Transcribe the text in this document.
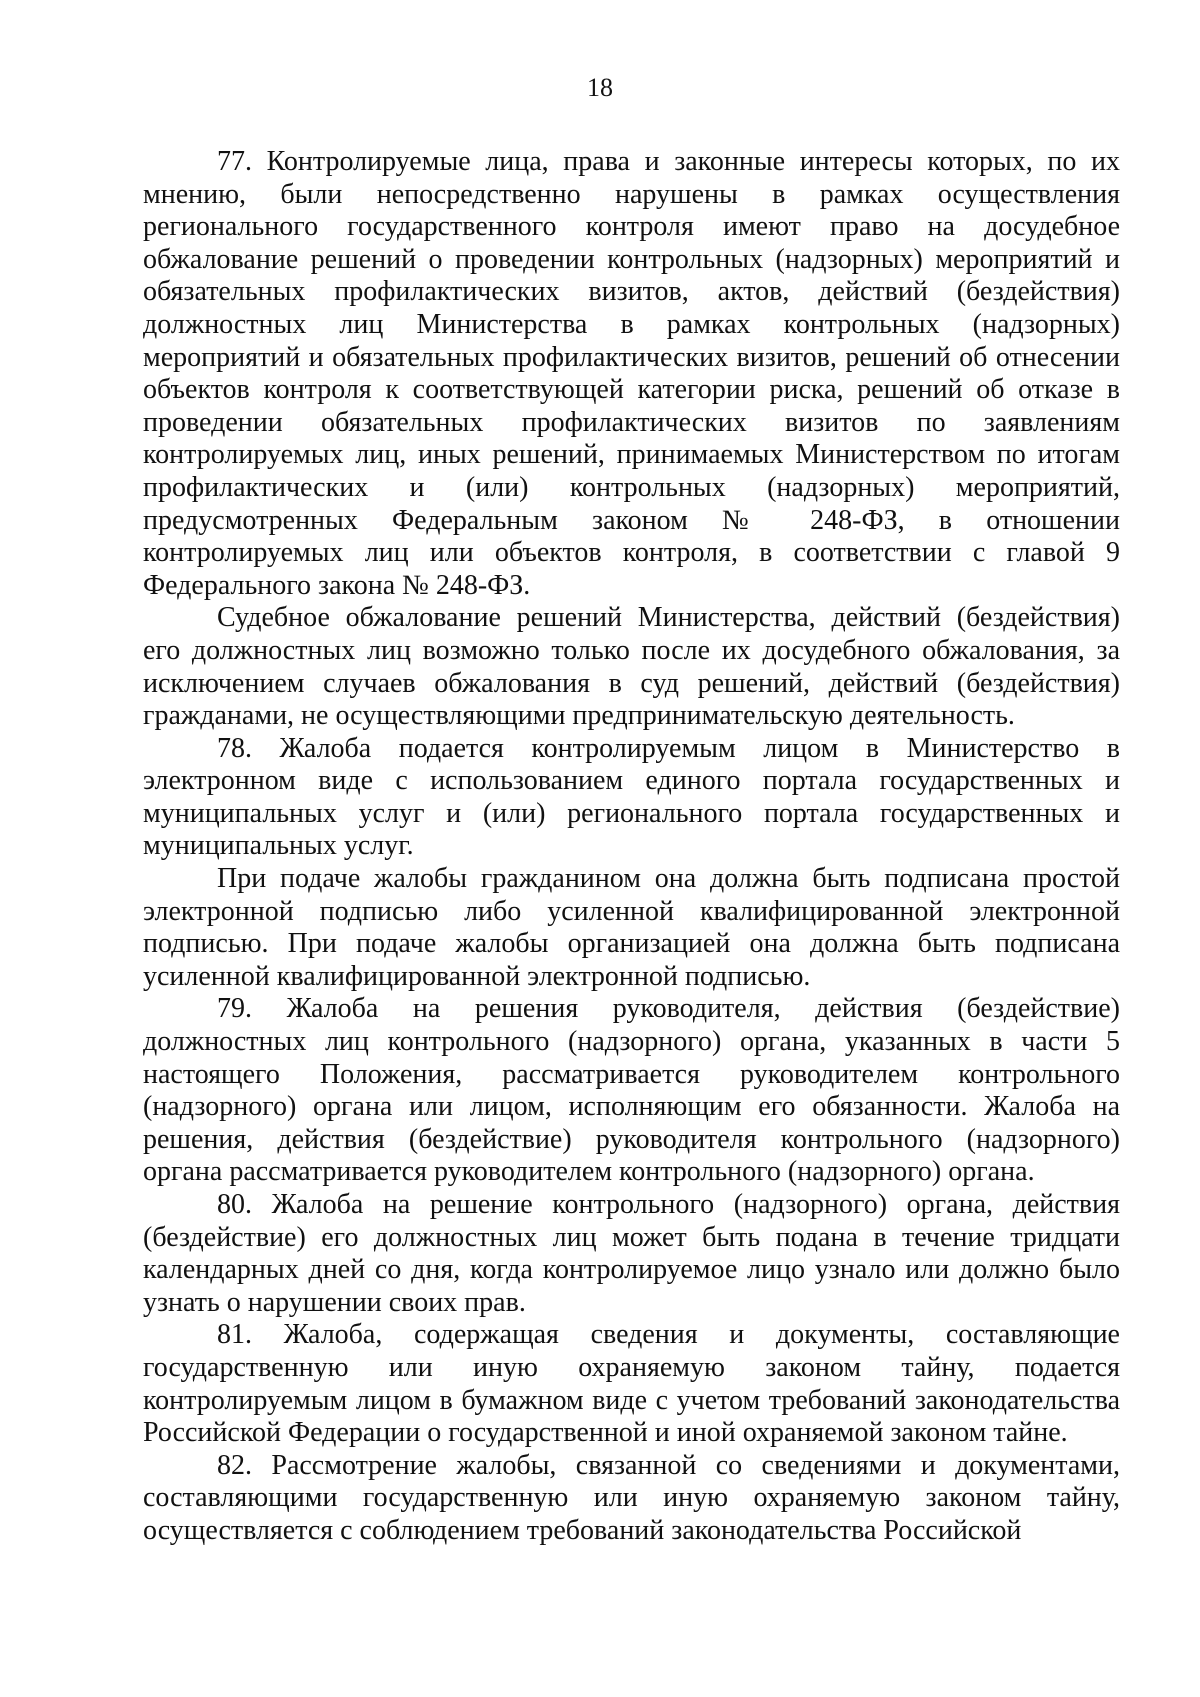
18

77. Контролируемые лица, права и законные интересы которых, по их мнению, были непосредственно нарушены в рамках осуществления регионального государственного контроля имеют право на досудебное обжалование решений о проведении контрольных (надзорных) мероприятий и обязательных профилактических визитов, актов, действий (бездействия) должностных лиц Министерства в рамках контрольных (надзорных) мероприятий и обязательных профилактических визитов, решений об отнесении объектов контроля к соответствующей категории риска, решений об отказе в проведении обязательных профилактических визитов по заявлениям контролируемых лиц, иных решений, принимаемых Министерством по итогам профилактических и (или) контрольных (надзорных) мероприятий, предусмотренных Федеральным законом № 248-ФЗ, в отношении контролируемых лиц или объектов контроля, в соответствии с главой 9 Федерального закона № 248-ФЗ.

Судебное обжалование решений Министерства, действий (бездействия) его должностных лиц возможно только после их досудебного обжалования, за исключением случаев обжалования в суд решений, действий (бездействия) гражданами, не осуществляющими предпринимательскую деятельность.

78. Жалоба подается контролируемым лицом в Министерство в электронном виде с использованием единого портала государственных и муниципальных услуг и (или) регионального портала государственных и муниципальных услуг.

При подаче жалобы гражданином она должна быть подписана простой электронной подписью либо усиленной квалифицированной электронной подписью. При подаче жалобы организацией она должна быть подписана усиленной квалифицированной электронной подписью.

79. Жалоба на решения руководителя, действия (бездействие) должностных лиц контрольного (надзорного) органа, указанных в части 5 настоящего Положения, рассматривается руководителем контрольного (надзорного) органа или лицом, исполняющим его обязанности. Жалоба на решения, действия (бездействие) руководителя контрольного (надзорного) органа рассматривается руководителем контрольного (надзорного) органа.

80. Жалоба на решение контрольного (надзорного) органа, действия (бездействие) его должностных лиц может быть подана в течение тридцати календарных дней со дня, когда контролируемое лицо узнало или должно было узнать о нарушении своих прав.

81. Жалоба, содержащая сведения и документы, составляющие государственную или иную охраняемую законом тайну, подается контролируемым лицом в бумажном виде с учетом требований законодательства Российской Федерации о государственной и иной охраняемой законом тайне.

82. Рассмотрение жалобы, связанной со сведениями и документами, составляющими государственную или иную охраняемую законом тайну, осуществляется с соблюдением требований законодательства Российской
